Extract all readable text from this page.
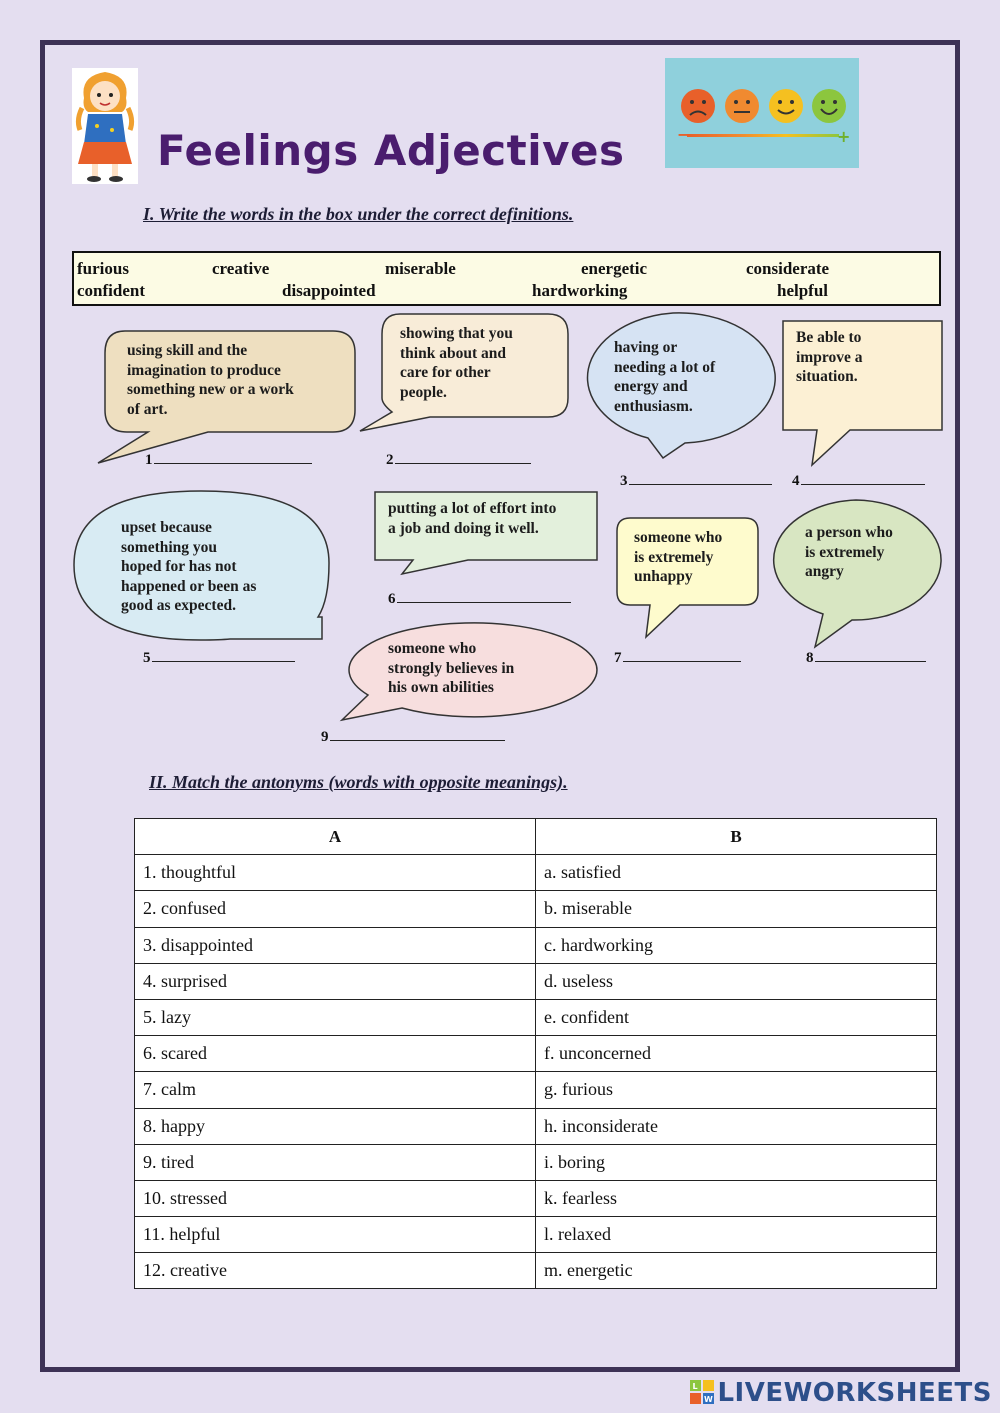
Feelings Adjectives	−	+
I. Write the words in the box under the correct definitions.
furious	creative	miserable	energetic	considerate
confident	disappointed	hardworking	helpful
using skill and the
imagination to produce
something new or a work
of art.
showing that you
think about and
care for other
people.
having or
needing a lot of
energy and
enthusiasm.
Be able to
improve a
situation.
upset because
something you
hoped for has not
happened or been as
good as expected.
putting a lot of effort into
a job and doing it well.
someone who
is extremely
unhappy
a person who
is extremely
angry
someone who
strongly believes in
his own abilities
1	2
3	4
5
6
7	8
9
II. Match the antonyms (words with opposite meanings).
A	B
1. thoughtful	a. satisfied
2. confused	b. miserable
3. disappointed	c. hardworking
4. surprised	d. useless
5. lazy	e. confident
6. scared	f. unconcerned
7. calm	g. furious
8. happy	h. inconsiderate
9. tired	i. boring
10. stressed	k. fearless
11. helpful	l. relaxed
12. creative	m. energetic
L
W LIVEWORKSHEETS
